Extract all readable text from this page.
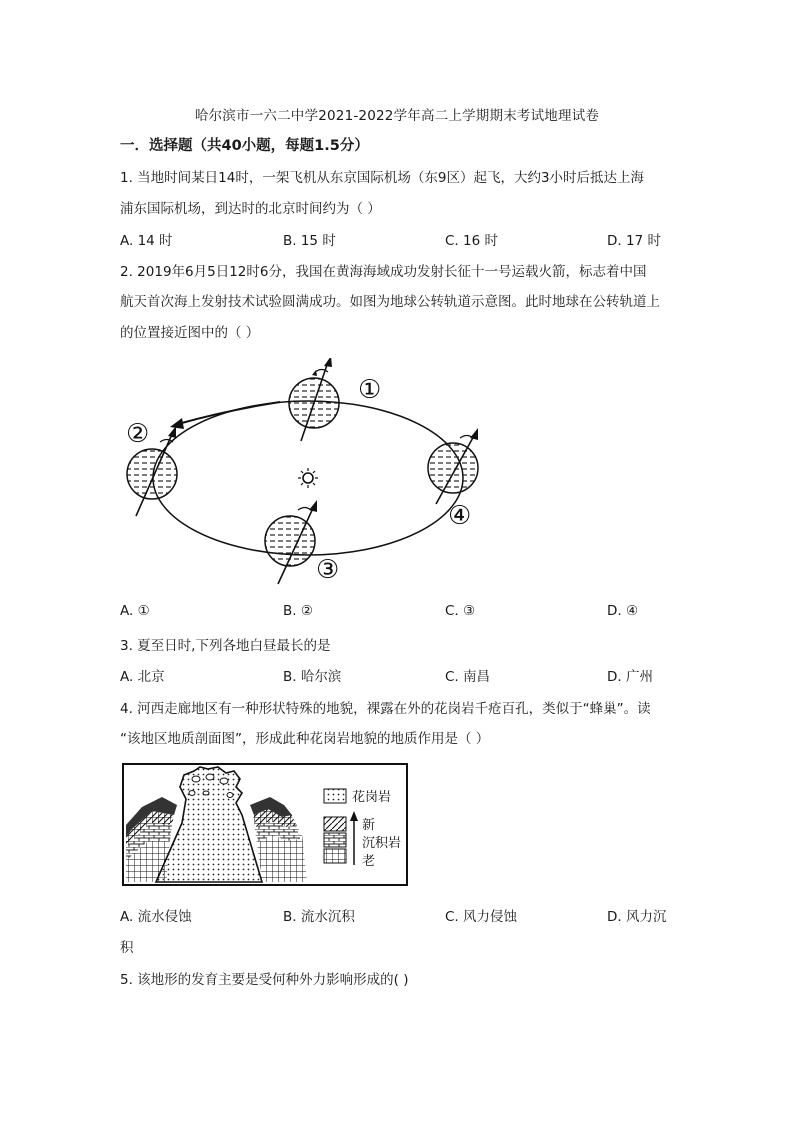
哈尔滨市一六二中学2021-2022学年高二上学期期末考试地理试卷
一．选择题（共40小题，每题1.5分）
1. 当地时间某日14时，一架飞机从东京国际机场（东9区）起飞，大约3小时后抵达上海
浦东国际机场，到达时的北京时间约为（ ）
A. 14 时	B. 15 时	C. 16 时	D. 17 时
2. 2019年6月5日12时6分，我国在黄海海域成功发射长征十一号运载火箭，标志着中国
航天首次海上发射技术试验圆满成功。如图为地球公转轨道示意图。此时地球在公转轨道上
的位置接近图中的（ ）
①
②
③
④
A. ①	B. ②	C. ③	D. ④
3. 夏至日时,下列各地白昼最长的是
A. 北京	B. 哈尔滨	C. 南昌	D. 广州
4. 河西走廊地区有一种形状特殊的地貌，裸露在外的花岗岩千疮百孔，类似于“蜂巢”。读
“该地区地质剖面图”，形成此种花岗岩地貌的地质作用是（ ）
花岗岩
新
沉积岩
老
A. 流水侵蚀	B. 流水沉积	C. 风力侵蚀	D. 风力沉
积
5. 该地形的发育主要是受何种外力影响形成的( )
